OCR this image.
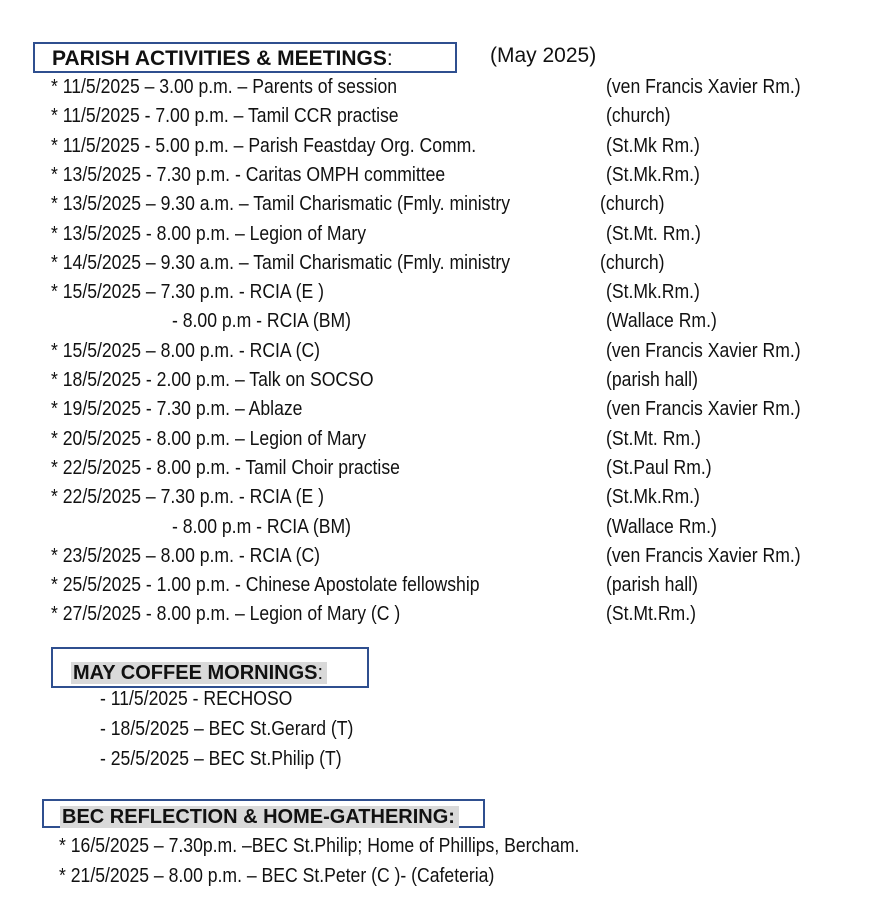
PARISH ACTIVITIES & MEETINGS:	(May 2025)
* 11/5/2025 – 3.00 p.m. – Parents of session	(ven Francis Xavier Rm.)
* 11/5/2025 - 7.00 p.m. – Tamil CCR practise	(church)
* 11/5/2025 - 5.00 p.m. – Parish Feastday Org. Comm.	(St.Mk Rm.)
* 13/5/2025 - 7.30 p.m. - Caritas OMPH committee	(St.Mk.Rm.)
* 13/5/2025 – 9.30 a.m. – Tamil Charismatic (Fmly. ministry	(church)
* 13/5/2025 - 8.00 p.m. – Legion of Mary	(St.Mt. Rm.)
* 14/5/2025 – 9.30 a.m. – Tamil Charismatic (Fmly. ministry	(church)
* 15/5/2025 – 7.30 p.m. - RCIA (E )	(St.Mk.Rm.)
- 8.00 p.m - RCIA (BM)	(Wallace Rm.)
* 15/5/2025 – 8.00 p.m. - RCIA (C)	(ven Francis Xavier Rm.)
* 18/5/2025 - 2.00 p.m. – Talk on SOCSO	(parish hall)
* 19/5/2025 - 7.30 p.m. – Ablaze	(ven Francis Xavier Rm.)
* 20/5/2025 - 8.00 p.m. – Legion of Mary	(St.Mt. Rm.)
* 22/5/2025 - 8.00 p.m. - Tamil Choir practise	(St.Paul Rm.)
* 22/5/2025 – 7.30 p.m. - RCIA (E )	(St.Mk.Rm.)
- 8.00 p.m - RCIA (BM)	(Wallace Rm.)
* 23/5/2025 – 8.00 p.m. - RCIA (C)	(ven Francis Xavier Rm.)
* 25/5/2025 - 1.00 p.m. - Chinese Apostolate fellowship	(parish hall)
* 27/5/2025 - 8.00 p.m. – Legion of Mary (C )	(St.Mt.Rm.)
MAY COFFEE MORNINGS:
- 11/5/2025 - RECHOSO
- 18/5/2025 – BEC St.Gerard (T)
- 25/5/2025 – BEC St.Philip (T)
BEC REFLECTION & HOME-GATHERING:
* 16/5/2025 – 7.30p.m. –BEC St.Philip; Home of Phillips, Bercham.
* 21/5/2025 – 8.00 p.m. – BEC St.Peter (C )- (Cafeteria)
